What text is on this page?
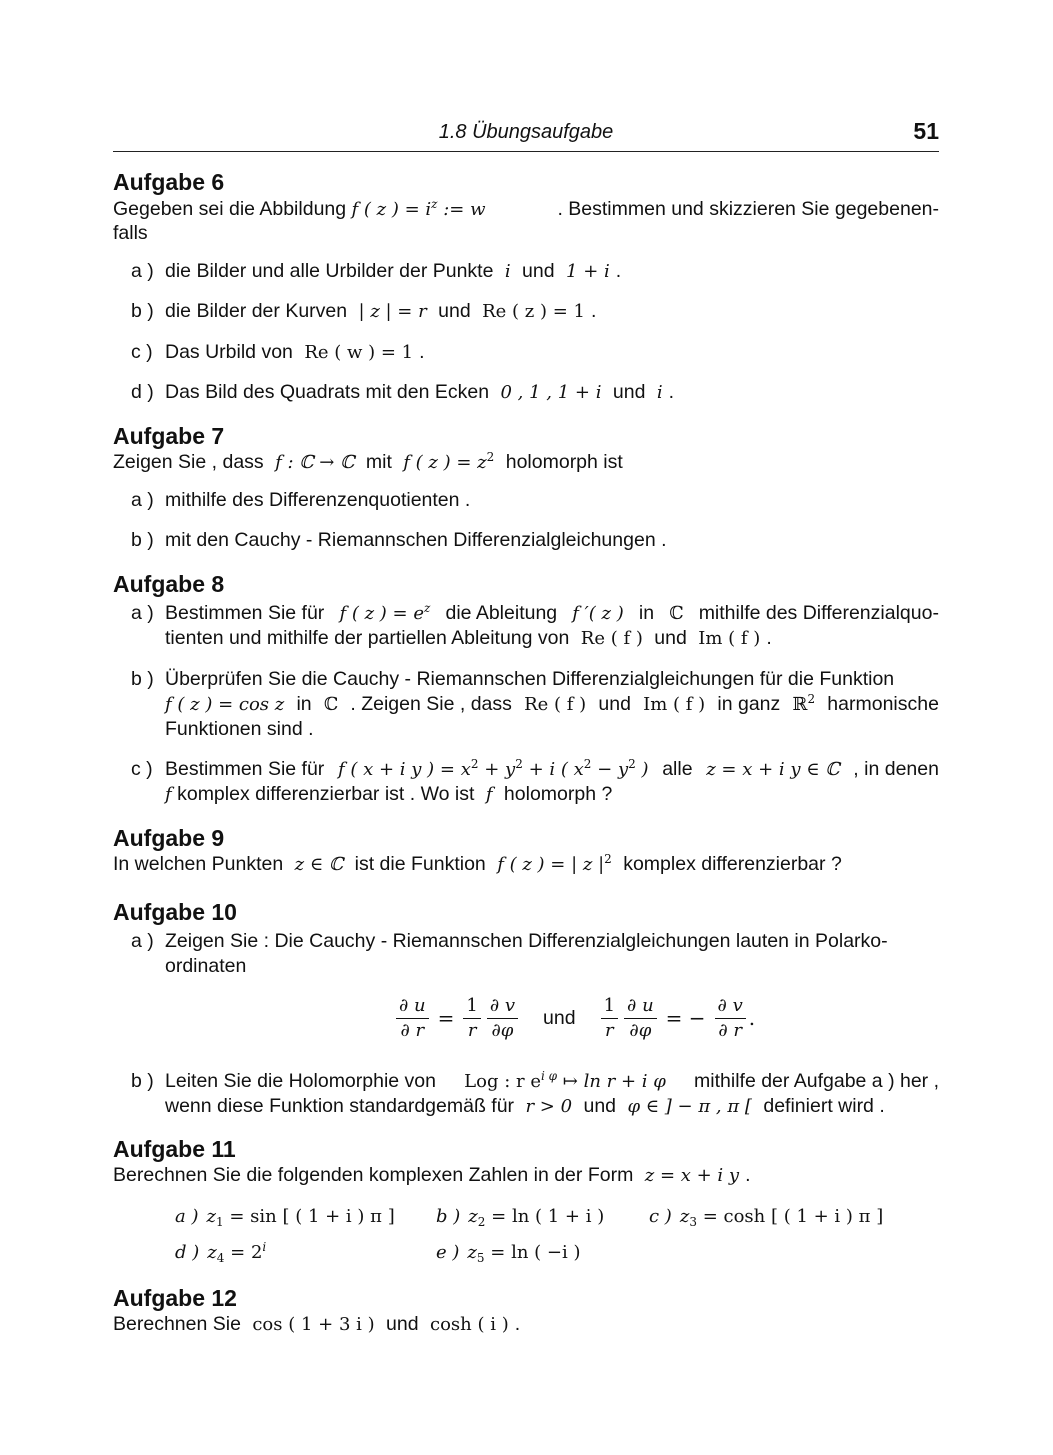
1.8 Übungsaufgabe	51
Aufgabe 6
Gegeben sei die Abbildung f ( z ) = $i^z$ := w	. Bestimmen und skizzieren Sie gegebenen-
falls
a ) die Bilder und alle Urbilder der Punkte i und 1 + i .
b ) die Bilder der Kurven | z | = r und Re ( z ) = 1 .
c ) Das Urbild von Re ( w ) = 1 .
d ) Das Bild des Quadrats mit den Ecken 0 , 1 , 1 + i und i .
Aufgabe 7
Zeigen Sie , dass f : ℂ → ℂ mit f ( z ) = $z^2$ holomorph ist
a ) mithilfe des Differenzenquotienten .
b ) mit den Cauchy - Riemannschen Differenzialgleichungen .
Aufgabe 8
a ) Bestimmen Sie für f ( z ) = $e^z$ die Ableitung f ′( z ) in ℂ mithilfe des Differenzialquo-
tienten und mithilfe der partiellen Ableitung von Re ( f ) und Im ( f ) .
b ) Überprüfen Sie die Cauchy - Riemannschen Differenzialgleichungen für die Funktion
f ( z ) = cos z in ℂ . Zeigen Sie , dass Re ( f ) und Im ( f ) in ganz ℝ$^2$ harmonische
Funktionen sind .
c ) Bestimmen Sie für f ( x + i y ) = $x^2 + y^2 + i$ ( $x^2 - y^2$ ) alle z = x + i y ∈ ℂ , in denen
f komplex differenzierbar ist . Wo ist f holomorph ?
Aufgabe 9
In welchen Punkten z ∈ ℂ ist die Funktion f ( z ) = | z $|^2$ komplex differenzierbar ?
Aufgabe 10
a ) Zeigen Sie : Die Cauchy - Riemannschen Differenzialgleichungen lauten in Polarko-
ordinaten
$\frac{\partial u}{\partial r} = \frac{1}{r} \frac{\partial v}{\partial\varphi}$ und $\frac{1}{r} \frac{\partial u}{\partial\varphi}$ = − $\frac{\partial v}{\partial r}$ .
b ) Leiten Sie die Holomorphie von Log : r $e^{i \varphi}$ ↦ ln r + i φ mithilfe der Aufgabe a ) her ,
wenn diese Funktion standardgemäß für r > 0 und φ ∈ ] − π , π [ definiert wird .
Aufgabe 11
Berechnen Sie die folgenden komplexen Zahlen in der Form z = x + i y .
a ) $z_1 = \sin$ [ ( 1 + i ) π ] b ) $z_2 = \ln$ ( 1 + i ) c ) $z_3 = \cosh$ [ ( 1 + i ) π ]
d ) $z_4 = 2^i$	e ) $z_5 = \ln$ ( −i )
Aufgabe 12
Berechnen Sie cos ( 1 + 3 i ) und cosh ( i ) .
